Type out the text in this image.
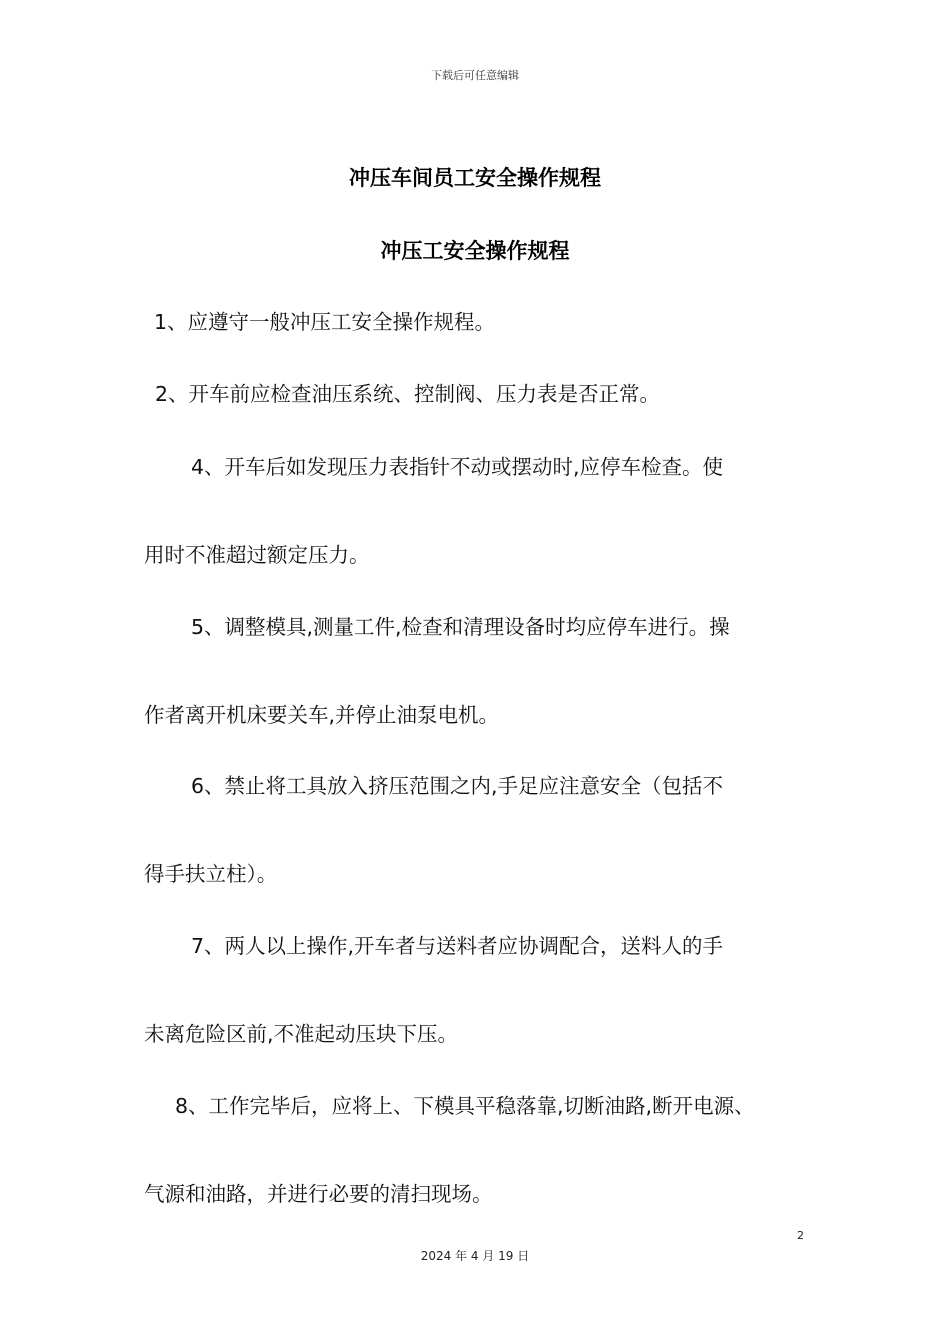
下载后可任意编辑
冲压车间员工安全操作规程
冲压工安全操作规程
1、应遵守一般冲压工安全操作规程。
2、开车前应检查油压系统、控制阀、压力表是否正常。
4、开车后如发现压力表指针不动或摆动时,应停车检查。使
用时不准超过额定压力。
5、调整模具,测量工件,检查和清理设备时均应停车进行。操
作者离开机床要关车,并停止油泵电机。
6、禁止将工具放入挤压范围之内,手足应注意安全（包括不
得手扶立柱）。
7、两人以上操作,开车者与送料者应协调配合，送料人的手
未离危险区前,不准起动压块下压。
8、工作完毕后，应将上、下模具平稳落靠,切断油路,断开电源、
气源和油路，并进行必要的清扫现场。
2
2024 年 4 月 19 日
